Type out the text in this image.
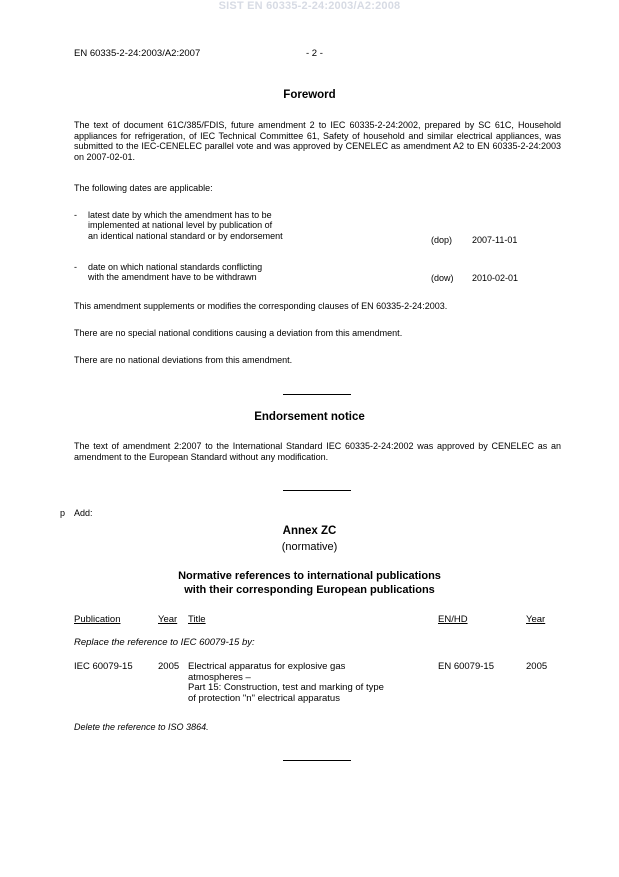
SIST EN 60335-2-24:2003/A2:2008
EN 60335-2-24:2003/A2:2007	- 2 -
Foreword
The text of document 61C/385/FDIS, future amendment 2 to IEC 60335-2-24:2002, prepared by SC 61C, Household appliances for refrigeration, of IEC Technical Committee 61, Safety of household and similar electrical appliances, was submitted to the IEC-CENELEC parallel vote and was approved by CENELEC as amendment A2 to EN 60335-2-24:2003 on 2007-02-01.
The following dates are applicable:
- latest date by which the amendment has to be
implemented at national level by publication of
an identical national standard or by endorsement	(dop) 2007-11-01
- date on which national standards conflicting
with the amendment have to be withdrawn	(dow) 2010-02-01
This amendment supplements or modifies the corresponding clauses of EN 60335-2-24:2003.
There are no special national conditions causing a deviation from this amendment.
There are no national deviations from this amendment.
Endorsement notice
The text of amendment 2:2007 to the International Standard IEC 60335-2-24:2002 was approved by CENELEC as an amendment to the European Standard without any modification.
p Add:
Annex ZC
(normative)
Normative references to international publications
with their corresponding European publications
Publication	Year Title	EN/HD	Year
Replace the reference to IEC 60079-15 by:
IEC 60079-15	2005 Electrical apparatus for explosive gas
atmospheres –
Part 15: Construction, test and marking of type
of protection "n" electrical apparatus
EN 60079-15	2005
Delete the reference to ISO 3864.
